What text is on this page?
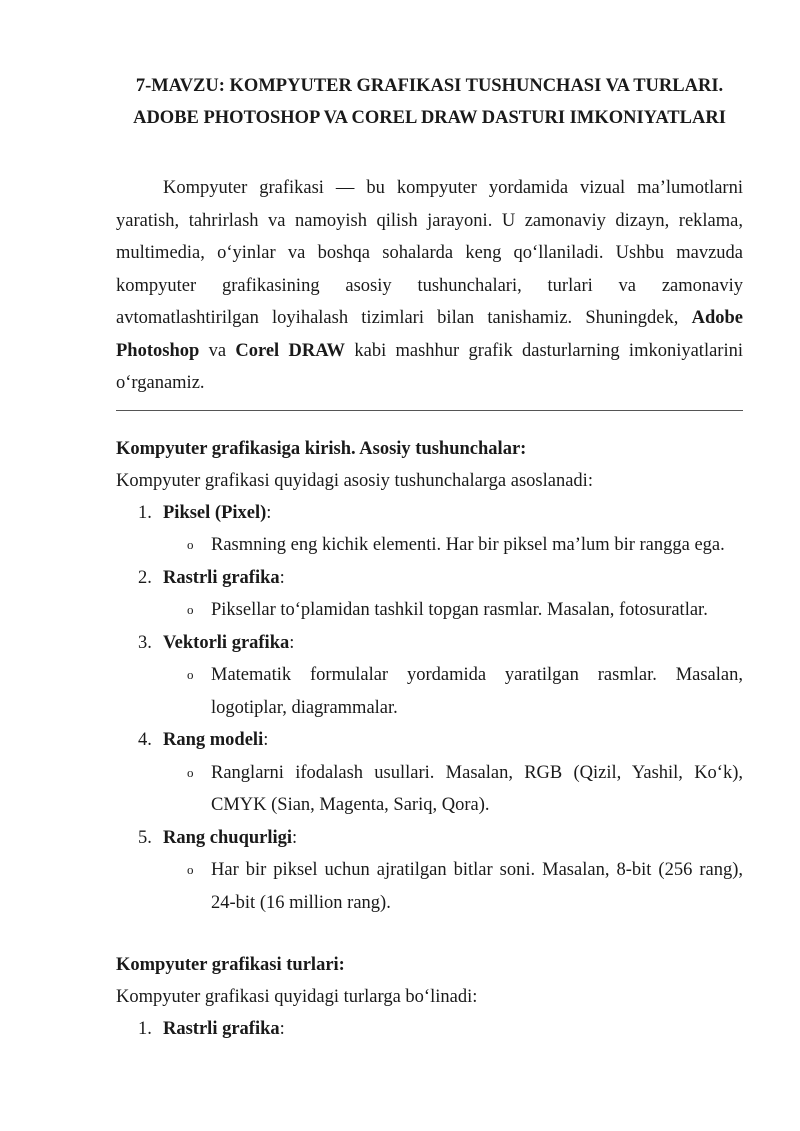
7-MAVZU: KOMPYUTER GRAFIKASI TUSHUNCHASI VA TURLARI.
ADOBE PHOTOSHOP VA COREL DRAW DASTURI IMKONIYATLARI

Kompyuter grafikasi — bu kompyuter yordamida vizual ma’lumotlarni yaratish, tahrirlash va namoyish qilish jarayoni. U zamonaviy dizayn, reklama, multimedia, o‘yinlar va boshqa sohalarda keng qo‘llaniladi. Ushbu mavzuda kompyuter grafikasining asosiy tushunchalari, turlari va zamonaviy avtomatlashtirilgan loyihalash tizimlari bilan tanishamiz. Shuningdek, Adobe Photoshop va Corel DRAW kabi mashhur grafik dasturlarning imkoniyatlarini o‘rganamiz.

Kompyuter grafikasiga kirish. Asosiy tushunchalar:

Kompyuter grafikasi quyidagi asosiy tushunchalarga asoslanadi:

1. Piksel (Pixel):
o Rasmning eng kichik elementi. Har bir piksel ma’lum bir rangga ega.
2. Rastrli grafika:
o Piksellar to‘plamidan tashkil topgan rasmlar. Masalan, fotosuratlar.
3. Vektorli grafika:
o Matematik formulalar yordamida yaratilgan rasmlar. Masalan, logotiplar, diagrammalar.
4. Rang modeli:
o Ranglarni ifodalash usullari. Masalan, RGB (Qizil, Yashil, Ko‘k), CMYK (Sian, Magenta, Sariq, Qora).
5. Rang chuqurligi:
o Har bir piksel uchun ajratilgan bitlar soni. Masalan, 8-bit (256 rang), 24-bit (16 million rang).
Kompyuter grafikasi turlari:

Kompyuter grafikasi quyidagi turlarga bo‘linadi:

1. Rastrli grafika:
